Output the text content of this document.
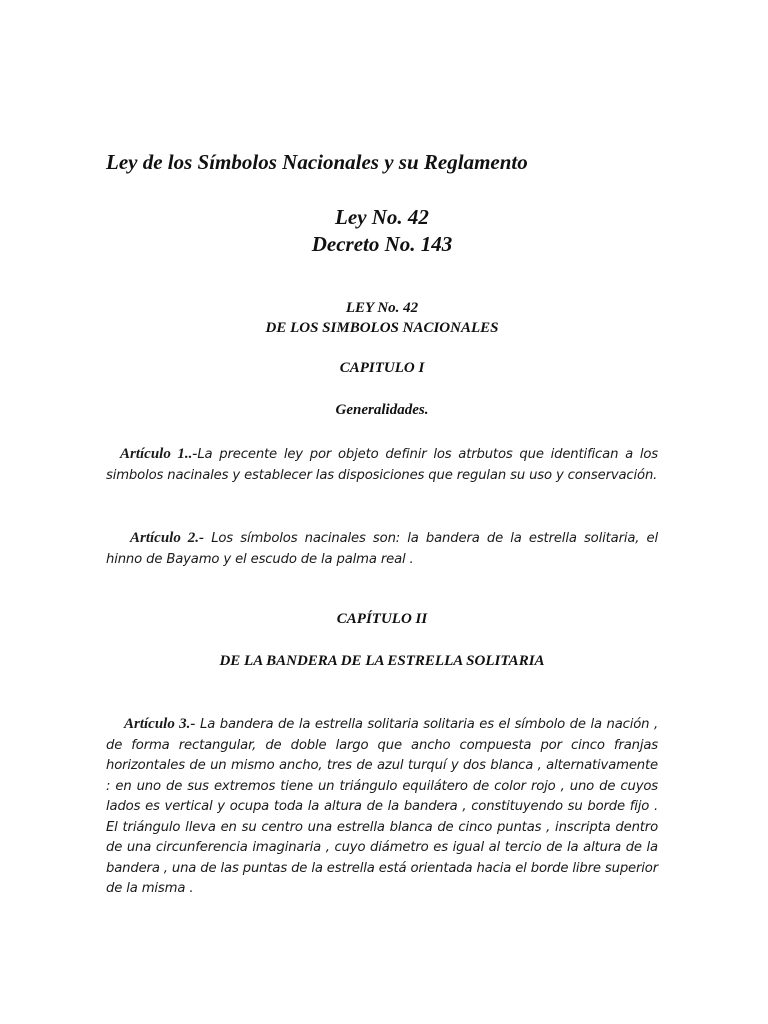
Ley de los Símbolos Nacionales y su Reglamento
Ley No. 42
Decreto No. 143
LEY No. 42
DE LOS SIMBOLOS NACIONALES
CAPITULO I
Generalidades.

Artículo 1..-La precente ley por objeto definir los atrbutos que identifican a los simbolos nacinales y establecer las disposiciones que regulan su uso y conservación.

Artículo 2.- Los símbolos nacinales son: la bandera de la estrella solitaria, el hinno de Bayamo y el escudo de la palma real .

CAPÍTULO II
DE LA BANDERA DE LA ESTRELLA SOLITARIA

Artículo 3.- La bandera de la estrella solitaria solitaria es el símbolo de la nación , de forma rectangular, de doble largo que ancho compuesta por cinco franjas horizontales de un mismo ancho, tres de azul turquí y dos blanca , alternativamente : en uno de sus extremos tiene un triángulo equilátero de color rojo , uno de cuyos lados es vertical y ocupa toda la altura de la bandera , constituyendo su borde fijo . El triángulo lleva en su centro una estrella blanca de cinco puntas , inscripta dentro de una circunferencia imaginaria , cuyo diámetro es igual al tercio de la altura de la bandera , una de las puntas de la estrella está orientada hacia el borde libre superior de la misma .
